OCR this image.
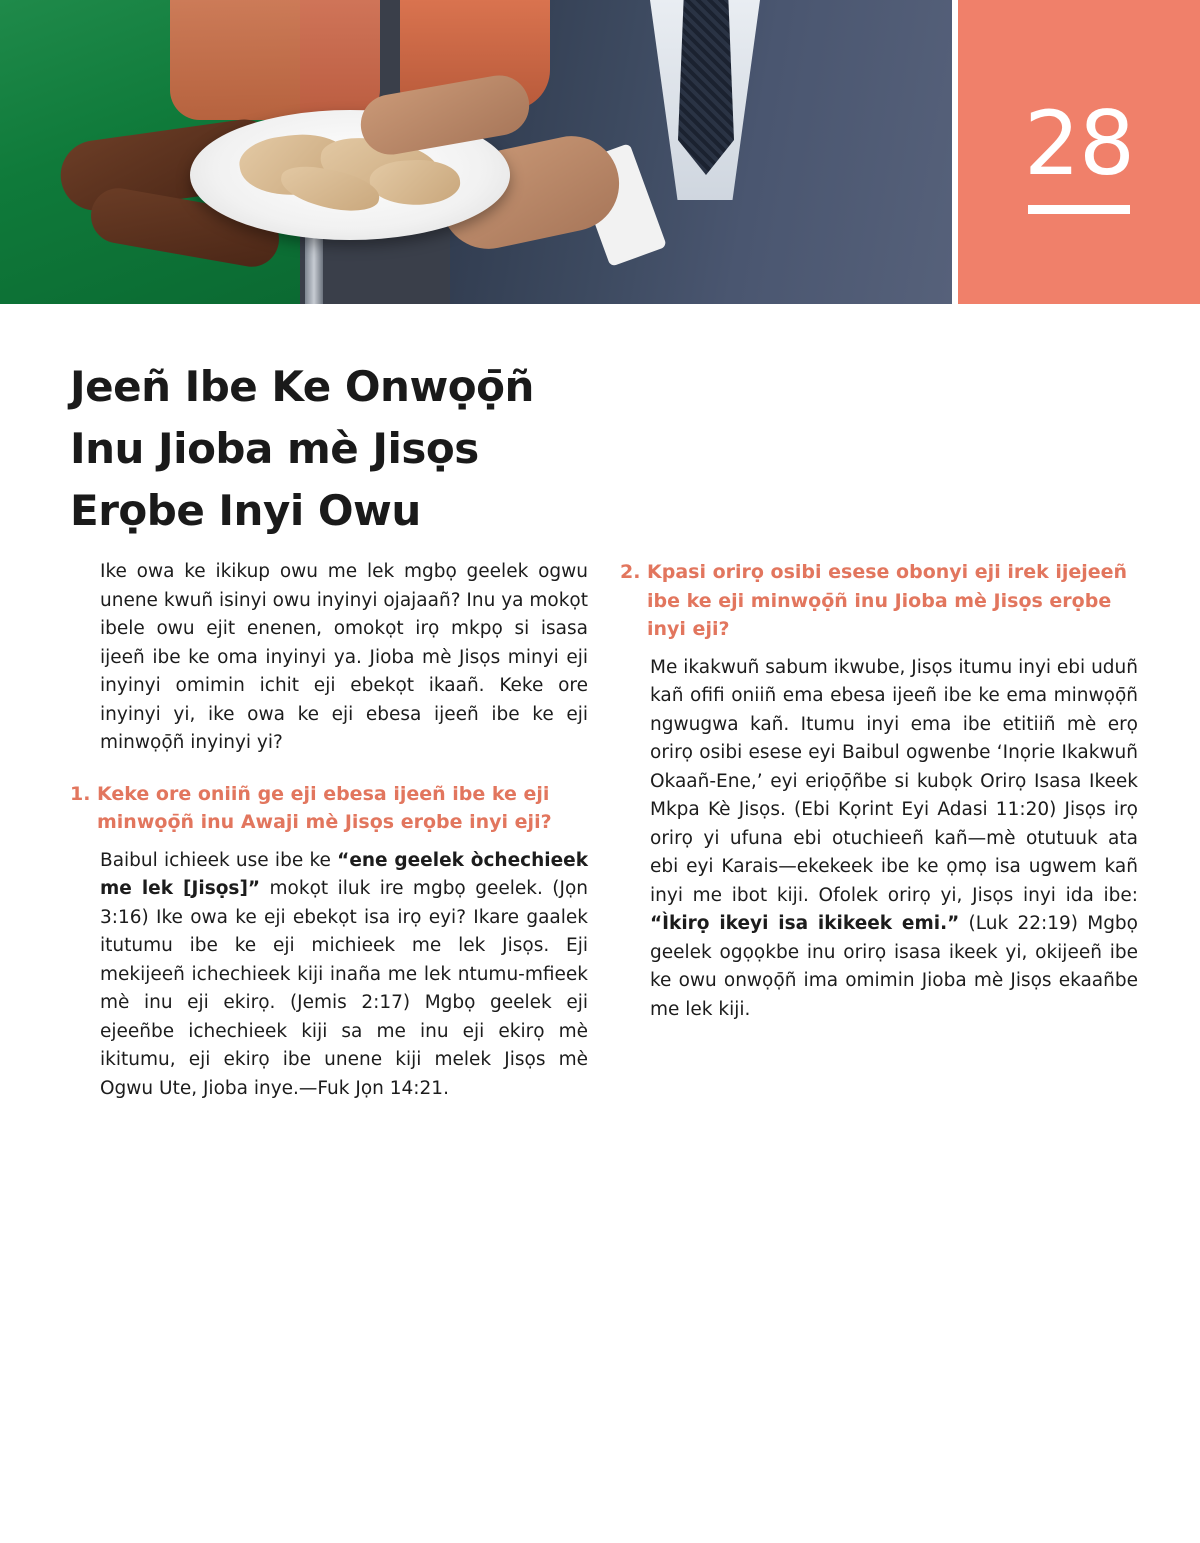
28
Jeeñ Ibe Ke Onwọọ̄ñ
Inu Jioba mè Jisọs
Erọbe Inyi Owu

Ike owa ke ikikup owu me lek mgbọ geelek ogwu unene kwuñ isinyi owu inyinyi ojajaañ? Inu ya mokọt ibele owu ejit enenen, omokọt irọ mkpọ si isasa ijeeñ ibe ke oma inyinyi ya. Jioba mè Jisọs minyi eji inyinyi omimin ichit eji ebekọt ikaañ. Keke ore inyinyi yi, ike owa ke eji ebesa ijeeñ ibe ke eji minwọọ̄ñ inyinyi yi?

1. Keke ore oniiñ ge eji ebesa ijeeñ ibe ke eji minwọọ̄ñ inu Awaji mè Jisọs erọbe inyi eji?

Baibul ichieek use ibe ke “ene geelek òchechieek me lek [Jisọs]” mokọt iluk ire mgbọ geelek. (Jọn 3:16) Ike owa ke eji ebekọt isa irọ eyi? Ikare gaalek itutumu ibe ke eji michieek me lek Jisọs. Eji mekijeeñ ichechieek kiji inaña me lek ntumu-mfieek mè inu eji ekirọ. (Jemis 2:17) Mgbọ geelek eji ejeeñbe ichechieek kiji sa me inu eji ekirọ mè ikitumu, eji ekirọ ibe unene kiji melek Jisọs mè Ogwu Ute, Jioba inye.—Fuk Jọn 14:21.

2. Kpasi orirọ osibi esese obonyi eji irek ijejeeñ ibe ke eji minwọọ̄ñ inu Jioba mè Jisọs erọbe inyi eji?

Me ikakwuñ sabum ikwube, Jisọs itumu inyi ebi uduñ kañ ofifi oniiñ ema ebesa ijeeñ ibe ke ema minwọọ̄ñ ngwugwa kañ. Itumu inyi ema ibe etitiiñ mè erọ orirọ osibi esese eyi Baibul ogwenbe ‘Inọrie Ikakwuñ Okaañ-Ene,’ eyi eriọọ̄ñbe si kubọk Orirọ Isasa Ikeek Mkpa Kè Jisọs. (Ebi Kọrint Eyi Adasi 11:20) Jisọs irọ orirọ yi ufuna ebi otuchieeñ kañ—mè otutuuk ata ebi eyi Karais—ekekeek ibe ke ọmọ isa ugwem kañ inyi me ibot kiji. Ofolek orirọ yi, Jisọs inyi ida ibe: “Ìkirọ ikeyi isa ikikeek emi.” (Luk 22:19) Mgbọ geelek ogọọkbe inu orirọ isasa ikeek yi, okijeeñ ibe ke owu onwọọ̄ñ ima omimin Jioba mè Jisọs ekaañbe me lek kiji.
